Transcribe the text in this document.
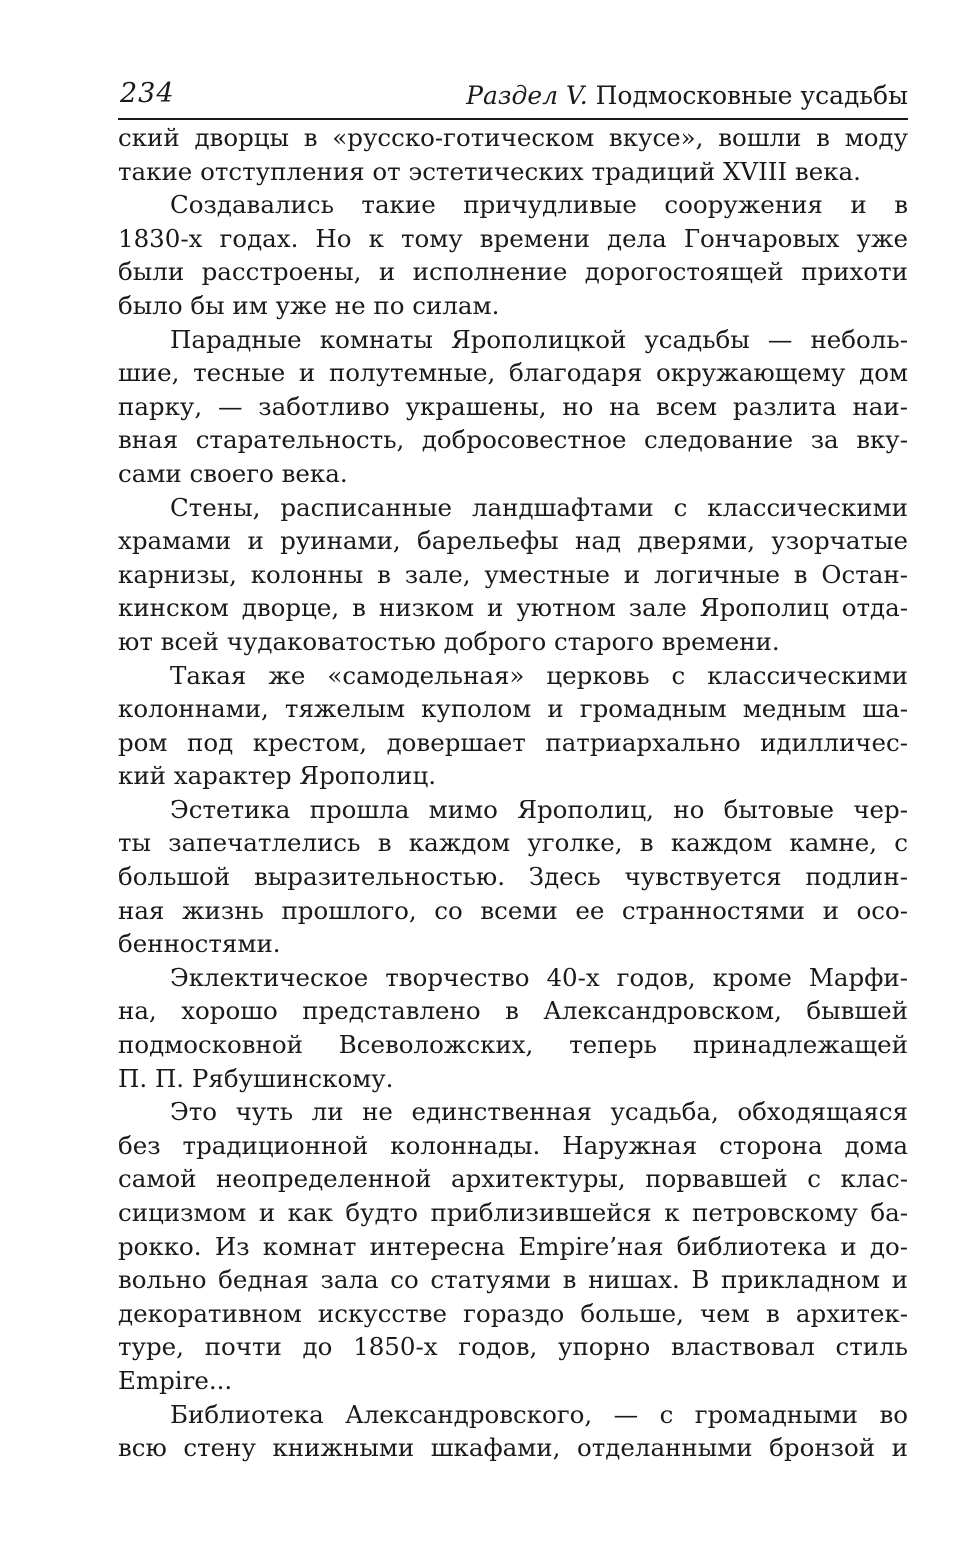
234	Раздел V. Подмосковные усадьбы
ский дворцы в «русско-готическом вкусе», вошли в моду
такие отступления от эстетических традиций XVIII века.
Создавались такие причудливые сооружения и в
1830-х годах. Но к тому времени дела Гончаровых уже
были расстроены, и исполнение дорогостоящей прихоти
было бы им уже не по силам.
Парадные комнаты Ярополицкой усадьбы — неболь-
шие, тесные и полутемные, благодаря окружающему дом
парку, — заботливо украшены, но на всем разлита наи-
вная старательность, добросовестное следование за вку-
сами своего века.
Стены, расписанные ландшафтами с классическими
храмами и руинами, барельефы над дверями, узорчатые
карнизы, колонны в зале, уместные и логичные в Остан-
кинском дворце, в низком и уютном зале Ярополиц отда-
ют всей чудаковатостью доброго старого времени.
Такая же «самодельная» церковь с классическими
колоннами, тяжелым куполом и громадным медным ша-
ром под крестом, довершает патриархально идилличес-
кий характер Ярополиц.
Эстетика прошла мимо Ярополиц, но бытовые чер-
ты запечатлелись в каждом уголке, в каждом камне, с
большой выразительностью. Здесь чувствуется подлин-
ная жизнь прошлого, со всеми ее странностями и осо-
бенностями.
Эклектическое творчество 40-х годов, кроме Марфи-
на, хорошо представлено в Александровском, бывшей
подмосковной Всеволожских, теперь принадлежащей
П. П. Рябушинскому.
Это чуть ли не единственная усадьба, обходящаяся
без традиционной колоннады. Наружная сторона дома
самой неопределенной архитектуры, порвавшей с клас-
сицизмом и как будто приблизившейся к петровскому ба-
рокко. Из комнат интересна Empire’ная библиотека и до-
вольно бедная зала со статуями в нишах. В прикладном и
декоративном искусстве гораздо больше, чем в архитек-
туре, почти до 1850-х годов, упорно властвовал стиль
Empire...
Библиотека Александровского, — с громадными во
всю стену книжными шкафами, отделанными бронзой и
